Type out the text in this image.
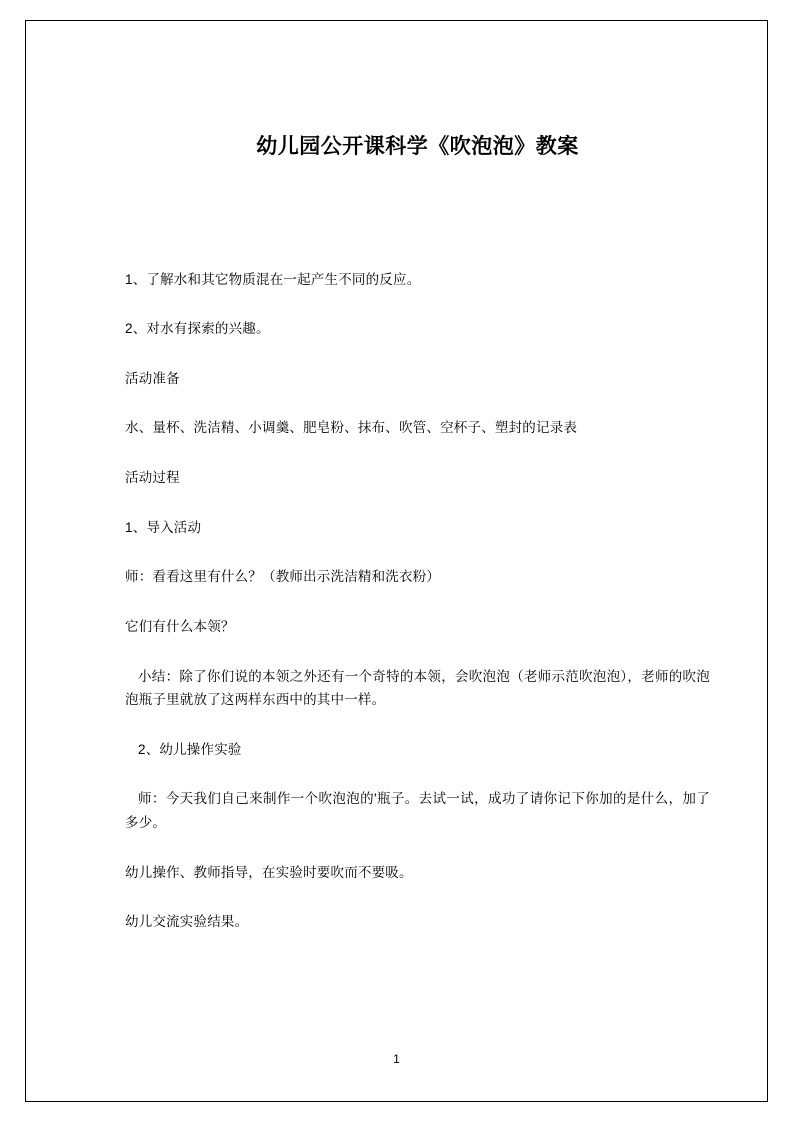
幼儿园公开课科学《吹泡泡》教案

1、了解水和其它物质混在一起产生不同的反应。

2、对水有探索的兴趣。

活动准备

水、量杯、洗洁精、小调羹、肥皂粉、抹布、吹管、空杯子、塑封的记录表

活动过程

1、导入活动

师：看看这里有什么？（教师出示洗洁精和洗衣粉）

它们有什么本领？

小结：除了你们说的本领之外还有一个奇特的本领，会吹泡泡（老师示范吹泡泡），老师的吹泡泡瓶子里就放了这两样东西中的其中一样。

2、幼儿操作实验

师：今天我们自己来制作一个吹泡泡的'瓶子。去试一试，成功了请你记下你加的是什么，加了多少。

幼儿操作、教师指导，在实验时要吹而不要吸。

幼儿交流实验结果。

1
